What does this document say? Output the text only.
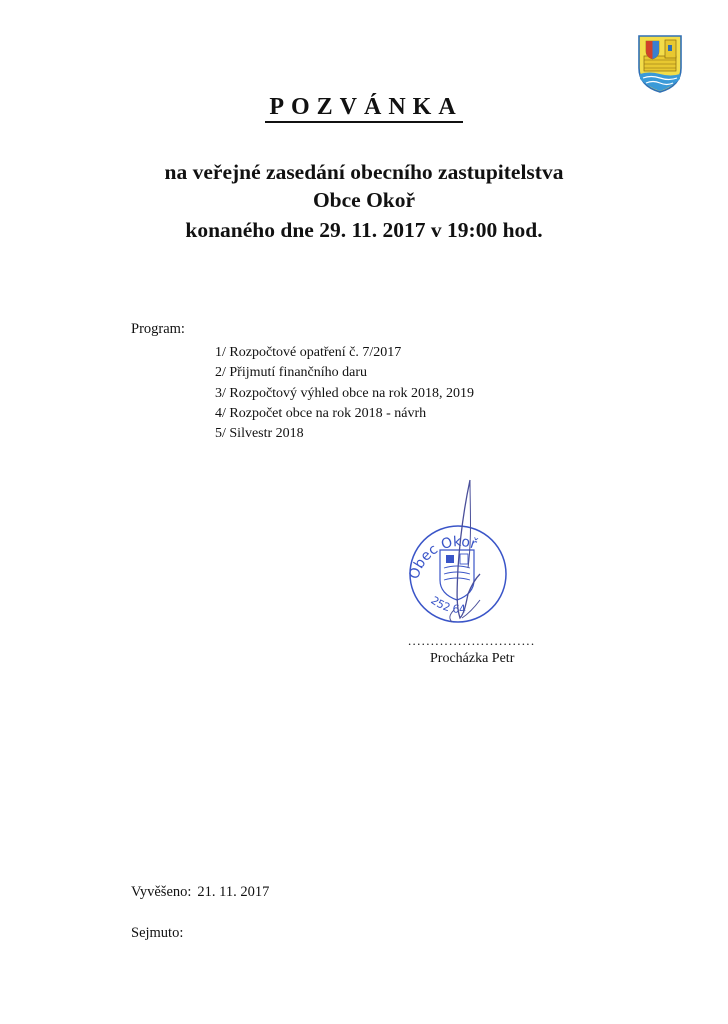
POZVÁNKA
na veřejné zasedání obecního zastupitelstva
Obce Okoř
konaného dne 29. 11. 2017 v 19:00 hod.
Program:
1/ Rozpočtové opatření č. 7/2017
2/ Přijmutí finančního daru
3/ Rozpočtový výhled obce na rok 2018, 2019
4/ Rozpočet obce na rok 2018 - návrh
5/ Silvestr 2018
Obec Okoř
252 64
............................
Procházka Petr
Vyvěšeno: 21. 11. 2017
Sejmuto:
